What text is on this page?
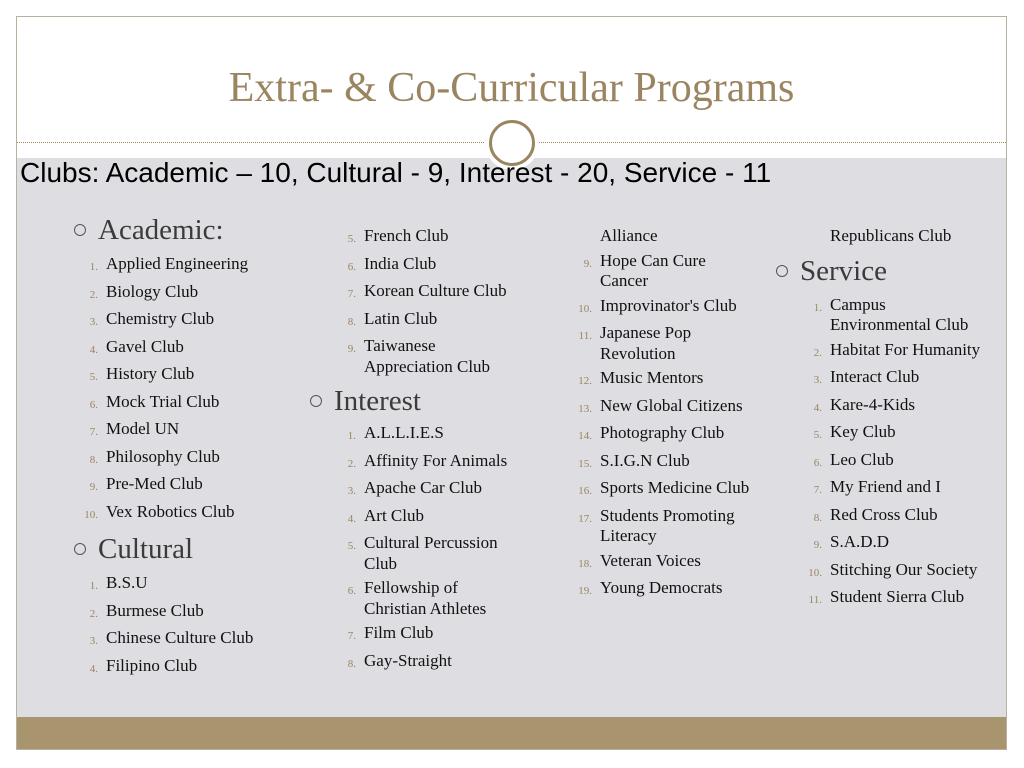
Extra- & Co-Curricular Programs
Clubs: Academic – 10, Cultural - 9, Interest - 20, Service - 11
Academic:
1. Applied Engineering
2. Biology Club
3. Chemistry Club
4. Gavel Club
5. History Club
6. Mock Trial Club
7. Model UN
8. Philosophy Club
9. Pre-Med Club
10. Vex Robotics Club
Cultural
1. B.S.U
2. Burmese Club
3. Chinese Culture Club
4. Filipino Club
5. French Club
6. India Club
7. Korean Culture Club
8. Latin Club
9. Taiwanese Appreciation Club
Interest
1. A.L.L.I.E.S
2. Affinity For Animals
3. Apache Car Club
4. Art Club
5. Cultural Percussion Club
6. Fellowship of Christian Athletes
7. Film Club
8. Gay-Straight
Alliance
9. Hope Can Cure Cancer
10. Improvinator's Club
11. Japanese Pop Revolution
12. Music Mentors
13. New Global Citizens
14. Photography Club
15. S.I.G.N Club
16. Sports Medicine Club
17. Students Promoting Literacy
18. Veteran Voices
19. Young Democrats
Republicans Club
Service
1. Campus Environmental Club
2. Habitat For Humanity
3. Interact Club
4. Kare-4-Kids
5. Key Club
6. Leo Club
7. My Friend and I
8. Red Cross Club
9. S.A.D.D
10. Stitching Our Society
11. Student Sierra Club
